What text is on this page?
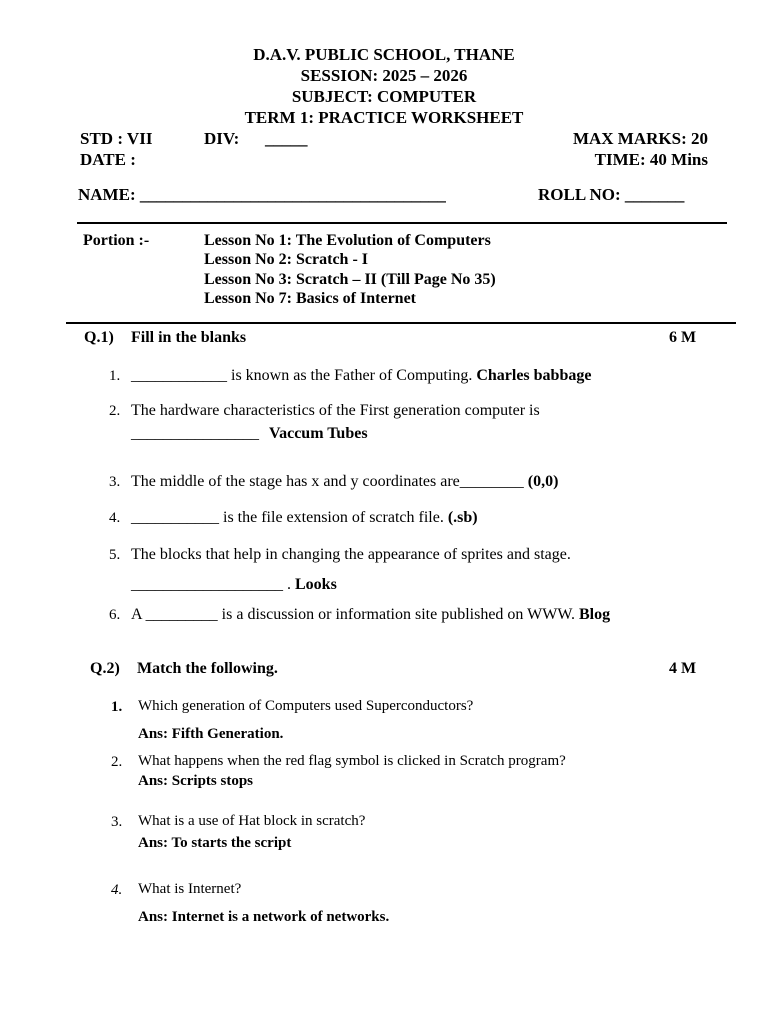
D.A.V. PUBLIC SCHOOL, THANE
SESSION: 2025 – 2026
SUBJECT: COMPUTER
TERM 1: PRACTICE WORKSHEET
STD : VII	DIV: _____	MAX MARKS: 20
DATE :	TIME: 40 Mins
NAME: ____________________________________	ROLL NO: _______
Portion :-	Lesson No 1: The Evolution of Computers
Lesson No 2: Scratch - I
Lesson No 3: Scratch – II (Till Page No 35)
Lesson No 7: Basics of Internet
Q.1) Fill in the blanks	6 M
1. ____________ is known as the Father of Computing. Charles babbage
2. The hardware characteristics of the First generation computer is
________________ Vaccum Tubes
3. The middle of the stage has x and y coordinates are________ (0,0)
4. ___________ is the file extension of scratch file. (.sb)
5. The blocks that help in changing the appearance of sprites and stage.
___________________ . Looks
6. A _________ is a discussion or information site published on WWW. Blog
Q.2) Match the following.	4 M
1. Which generation of Computers used Superconductors?
Ans: Fifth Generation.
2. What happens when the red flag symbol is clicked in Scratch program?
Ans: Scripts stops
3. What is a use of Hat block in scratch?
Ans: To starts the script
4. What is Internet?
Ans: Internet is a network of networks.
